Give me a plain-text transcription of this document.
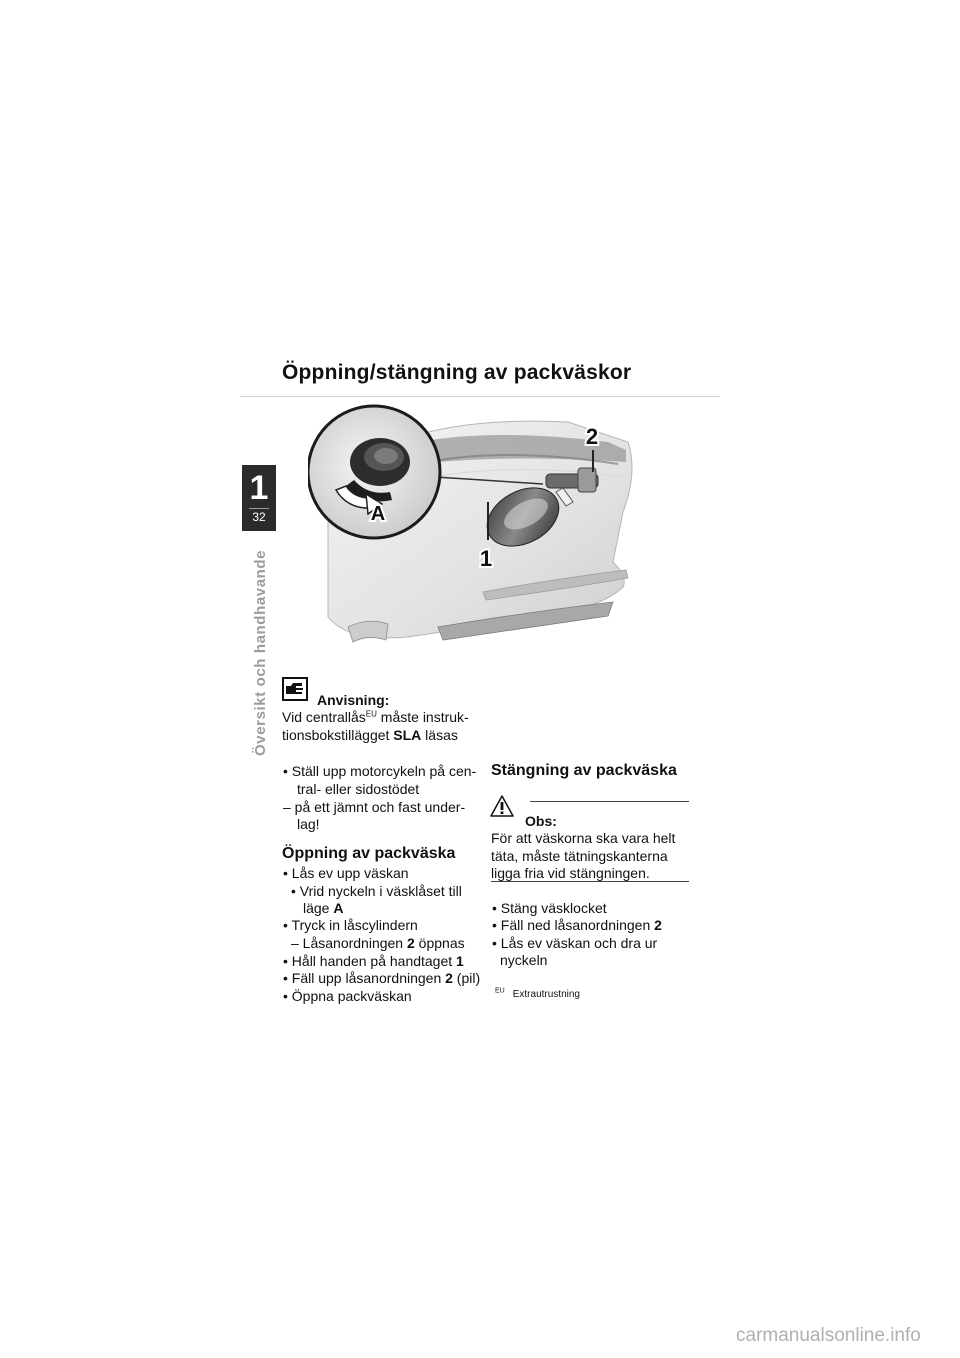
Öppning/stängning av packväskor
1
32
Översikt och handhavande
A
1
2
Anvisning:
Vid centrallås$^{EU}$ måste instruk-
tionsbokstillägget SLA läsas
• Ställ upp motorcykeln på cen-
tral- eller sidostödet
– på ett jämnt och fast under-
lag!
Öppning av packväska
• Lås ev upp väskan
• Vrid nyckeln i väsklåset till
läge A
• Tryck in låscylindern
– Låsanordningen 2 öppnas
• Håll handen på handtaget 1
• Fäll upp låsanordningen 2 (pil)
• Öppna packväskan
Stängning av packväska
Obs:
För att väskorna ska vara helt
täta, måste tätningskanterna
ligga fria vid stängningen.
• Stäng väsklocket
• Fäll ned låsanordningen 2
• Lås ev väskan och dra ur
nyckeln
$^{EU}$ Extrautrustning
carmanualsonline.info
